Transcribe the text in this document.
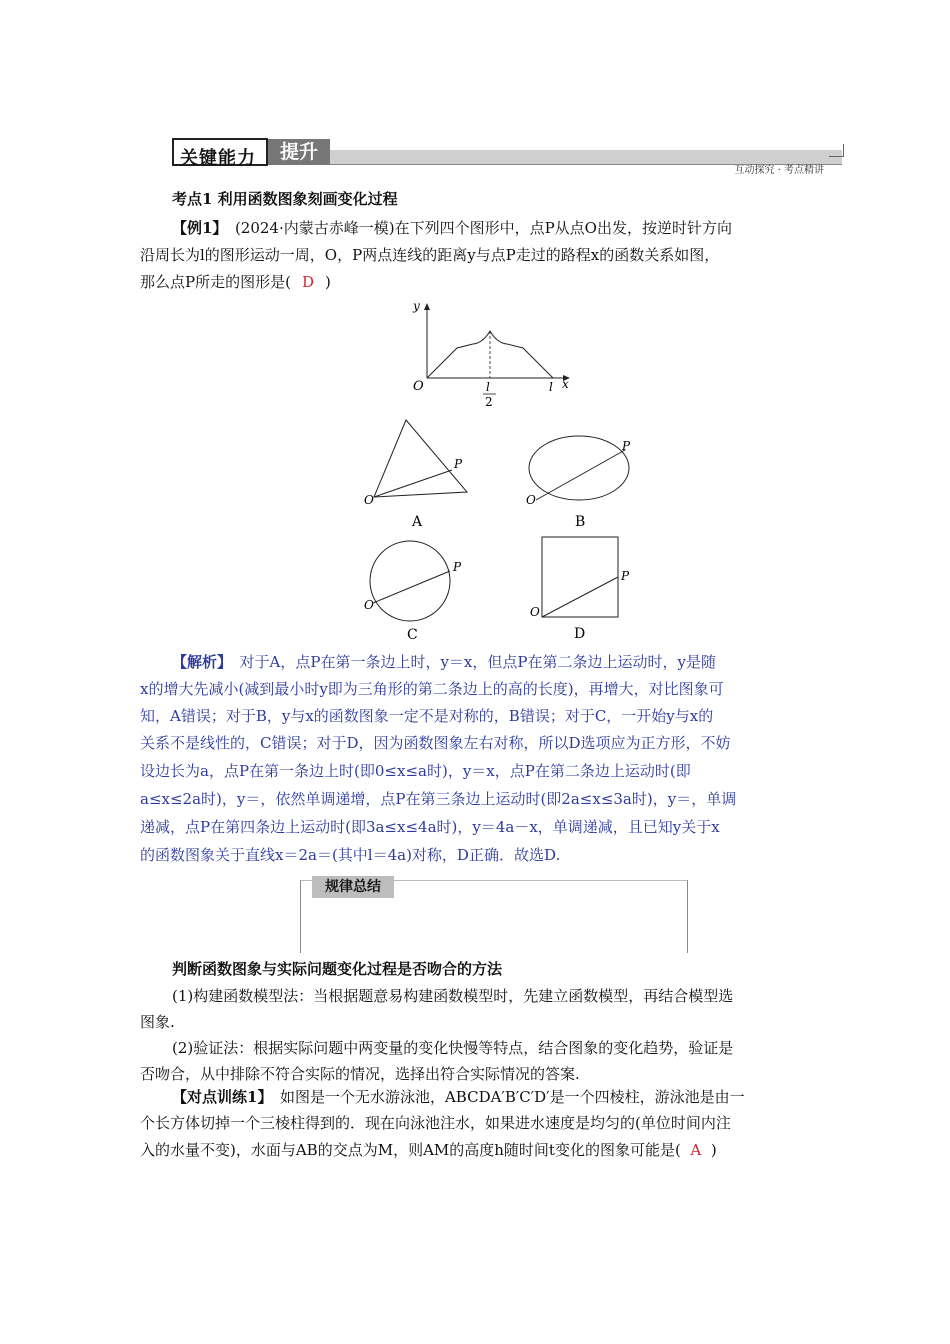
关键能力	提升
互动探究 · 考点精讲
考点1 利用函数图象刻画变化过程
【例1】　(2024·内蒙古赤峰一模)在下列四个图形中，点P从点O出发，按逆时针方向
沿周长为l的图形运动一周，O，P两点连线的距离y与点P走过的路程x的函数关系如图，
那么点P所走的图形是( D )
y
x
O	l
2
l
O
P
A
O
P
B
O
P
C
O
P
D
【解析】　对于A，点P在第一条边上时，y＝x，但点P在第二条边上运动时，y是随
x的增大先减小(减到最小时y即为三角形的第二条边上的高的长度)，再增大，对比图象可
知，A错误；对于B，y与x的函数图象一定不是对称的，B错误；对于C，一开始y与x的
关系不是线性的，C错误；对于D，因为函数图象左右对称，所以D选项应为正方形，不妨
设边长为a，点P在第一条边上时(即0≤x≤a时)，y＝x，点P在第二条边上运动时(即
a≤x≤2a时)，y＝，依然单调递增，点P在第三条边上运动时(即2a≤x≤3a时)，y＝，单调
递减，点P在第四条边上运动时(即3a≤x≤4a时)，y＝4a－x，单调递减，且已知y关于x
的函数图象关于直线x＝2a＝(其中l＝4a)对称，D正确．故选D.
规律总结
判断函数图象与实际问题变化过程是否吻合的方法
(1)构建函数模型法：当根据题意易构建函数模型时，先建立函数模型，再结合模型选
图象.
(2)验证法：根据实际问题中两变量的变化快慢等特点，结合图象的变化趋势，验证是
否吻合，从中排除不符合实际的情况，选择出符合实际情况的答案.
【对点训练1】　如图是一个无水游泳池，ABCDA′B′C′D′是一个四棱柱，游泳池是由一
个长方体切掉一个三棱柱得到的．现在向泳池注水，如果进水速度是均匀的(单位时间内注
入的水量不变)，水面与AB的交点为M，则AM的高度h随时间t变化的图象可能是( A )
